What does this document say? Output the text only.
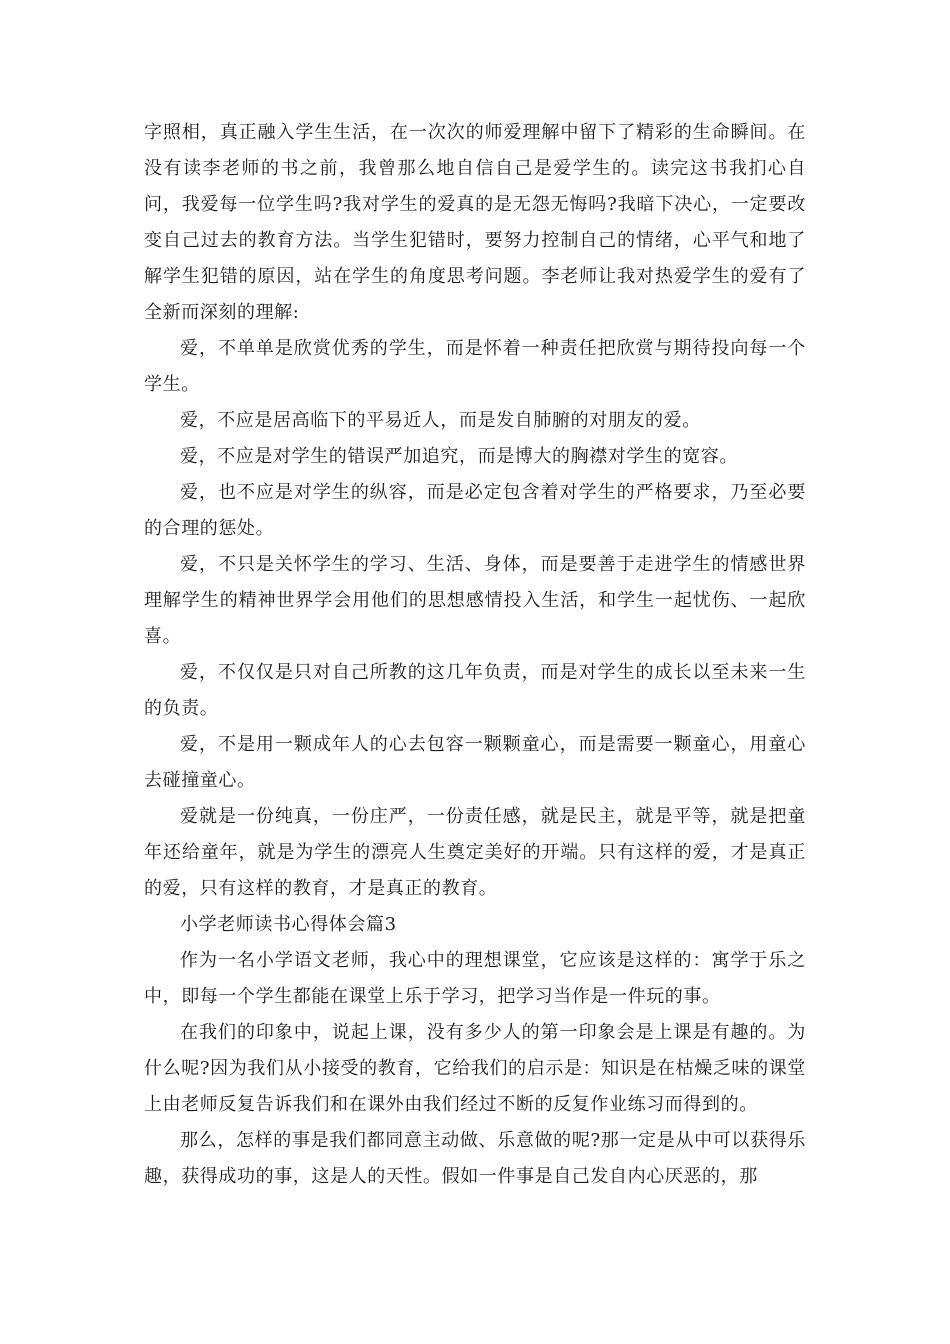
字照相，真正融入学生生活，在一次次的师爱理解中留下了精彩的生命瞬间。在没有读李老师的书之前，我曾那么地自信自己是爱学生的。读完这书我扪心自问，我爱每一位学生吗?我对学生的爱真的是无怨无悔吗?我暗下决心，一定要改变自己过去的教育方法。当学生犯错时，要努力控制自己的情绪，心平气和地了解学生犯错的原因，站在学生的角度思考问题。李老师让我对热爱学生的爱有了全新而深刻的理解:

爱，不单单是欣赏优秀的学生，而是怀着一种责任把欣赏与期待投向每一个学生。

爱，不应是居高临下的平易近人，而是发自肺腑的对朋友的爱。

爱，不应是对学生的错误严加追究，而是博大的胸襟对学生的宽容。

爱，也不应是对学生的纵容，而是必定包含着对学生的严格要求，乃至必要的合理的惩处。

爱，不只是关怀学生的学习、生活、身体，而是要善于走进学生的情感世界理解学生的精神世界学会用他们的思想感情投入生活，和学生一起忧伤、一起欣喜。

爱，不仅仅是只对自己所教的这几年负责，而是对学生的成长以至未来一生的负责。

爱，不是用一颗成年人的心去包容一颗颗童心，而是需要一颗童心，用童心去碰撞童心。

爱就是一份纯真，一份庄严，一份责任感，就是民主，就是平等，就是把童年还给童年，就是为学生的漂亮人生奠定美好的开端。只有这样的爱，才是真正的爱，只有这样的教育，才是真正的教育。

小学老师读书心得体会篇3

作为一名小学语文老师，我心中的理想课堂，它应该是这样的：寓学于乐之中，即每一个学生都能在课堂上乐于学习，把学习当作是一件玩的事。

在我们的印象中，说起上课，没有多少人的第一印象会是上课是有趣的。为什么呢?因为我们从小接受的教育，它给我们的启示是：知识是在枯燥乏味的课堂上由老师反复告诉我们和在课外由我们经过不断的反复作业练习而得到的。

那么，怎样的事是我们都同意主动做、乐意做的呢?那一定是从中可以获得乐趣，获得成功的事，这是人的天性。假如一件事是自己发自内心厌恶的，那
